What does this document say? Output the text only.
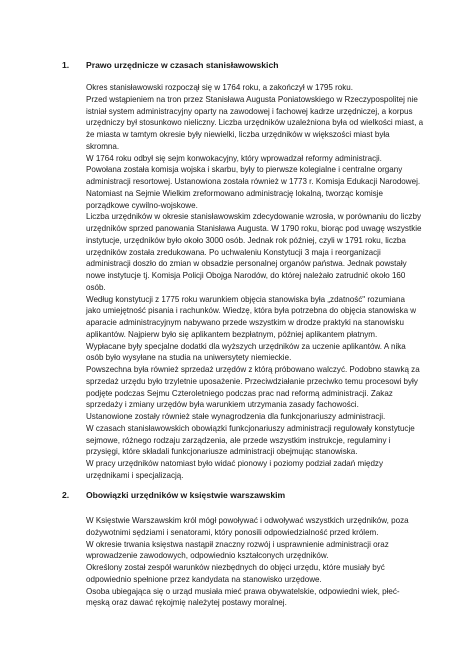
1. Prawo urzędnicze w czasach stanisławowskich
Okres stanisławowski rozpoczął się w 1764 roku, a zakończył w 1795 roku.
Przed wstąpieniem na tron przez Stanisława Augusta Poniatowskiego w Rzeczypospolitej nie
istniał system administracyjny oparty na zawodowej i fachowej kadrze urzędniczej, a korpus
urzędniczy był stosunkowo nieliczny. Liczba urzędników uzależniona była od wielkości miast, a
że miasta w tamtym okresie były niewielki, liczba urzędników w większości miast była
skromna.
W 1764 roku odbył się sejm konwokacyjny, który wprowadzał reformy administracji.
Powołana została komisja wojska i skarbu, były to pierwsze kolegialne i centralne organy
administracji resortowej. Ustanowiona została również w 1773 r. Komisja Edukacji Narodowej.
Natomiast na Sejmie Wielkim zreformowano administrację lokalną, tworząc komisje
porządkowe cywilno-wojskowe.
Liczba urzędników w okresie stanisławowskim zdecydowanie wzrosła, w porównaniu do liczby
urzędników sprzed panowania Stanisława Augusta. W 1790 roku, biorąc pod uwagę wszystkie
instytucje, urzędników było około 3000 osób. Jednak rok później, czyli w 1791 roku, liczba
urzędników została zredukowana. Po uchwaleniu Konstytucji 3 maja i reorganizacji
administracji doszło do zmian w obsadzie personalnej organów państwa. Jednak powstały
nowe instytucje tj. Komisja Policji Obojga Narodów, do której należało zatrudnić około 160
osób.
Według konstytucji z 1775 roku warunkiem objęcia stanowiska była „zdatność" rozumiana
jako umiejętność pisania i rachunków. Wiedzę, która była potrzebna do objęcia stanowiska w
aparacie administracyjnym nabywano przede wszystkim w drodze praktyki na stanowisku
aplikantów. Najpierw było się aplikantem bezpłatnym, później aplikantem płatnym.
Wypłacane były specjalne dodatki dla wyższych urzędników za uczenie aplikantów. A nika
osób było wysyłane na studia na uniwersytety niemieckie.
Powszechna była również sprzedaż urzędów z którą próbowano walczyć. Podobno stawką za
sprzedaż urzędu było trzyletnie uposażenie. Przeciwdziałanie przeciwko temu procesowi były
podjęte podczas Sejmu Czteroletniego podczas prac nad reformą administracji. Zakaz
sprzedaży i zmiany urzędów była warunkiem utrzymania zasady fachowości.
Ustanowione zostały również stałe wynagrodzenia dla funkcjonariuszy administracji.
W czasach stanisławowskich obowiązki funkcjonariuszy administracji regulowały konstytucje
sejmowe, różnego rodzaju zarządzenia, ale przede wszystkim instrukcje, regulaminy i
przysięgi, które składali funkcjonariusze administracji obejmując stanowiska.
W pracy urzędników natomiast było widać pionowy i poziomy podział zadań między
urzędnikami i specjalizacją.
2. Obowiązki urzędników w księstwie warszawskim
W Księstwie Warszawskim król mógł powoływać i odwoływać wszystkich urzędników, poza
dożywotnimi sędziami i senatorami, który ponosili odpowiedzialność przed królem.
W okresie trwania księstwa nastąpił znaczny rozwój i usprawnienie administracji oraz
wprowadzenie zawodowych, odpowiednio kształconych urzędników.
Określony został zespół warunków niezbędnych do objęci urzędu, które musiały być
odpowiednio spełnione przez kandydata na stanowisko urzędowe.
Osoba ubiegająca się o urząd musiała mieć prawa obywatelskie, odpowiedni wiek, płeć-
męską oraz dawać rękojmię należytej postawy moralnej.
